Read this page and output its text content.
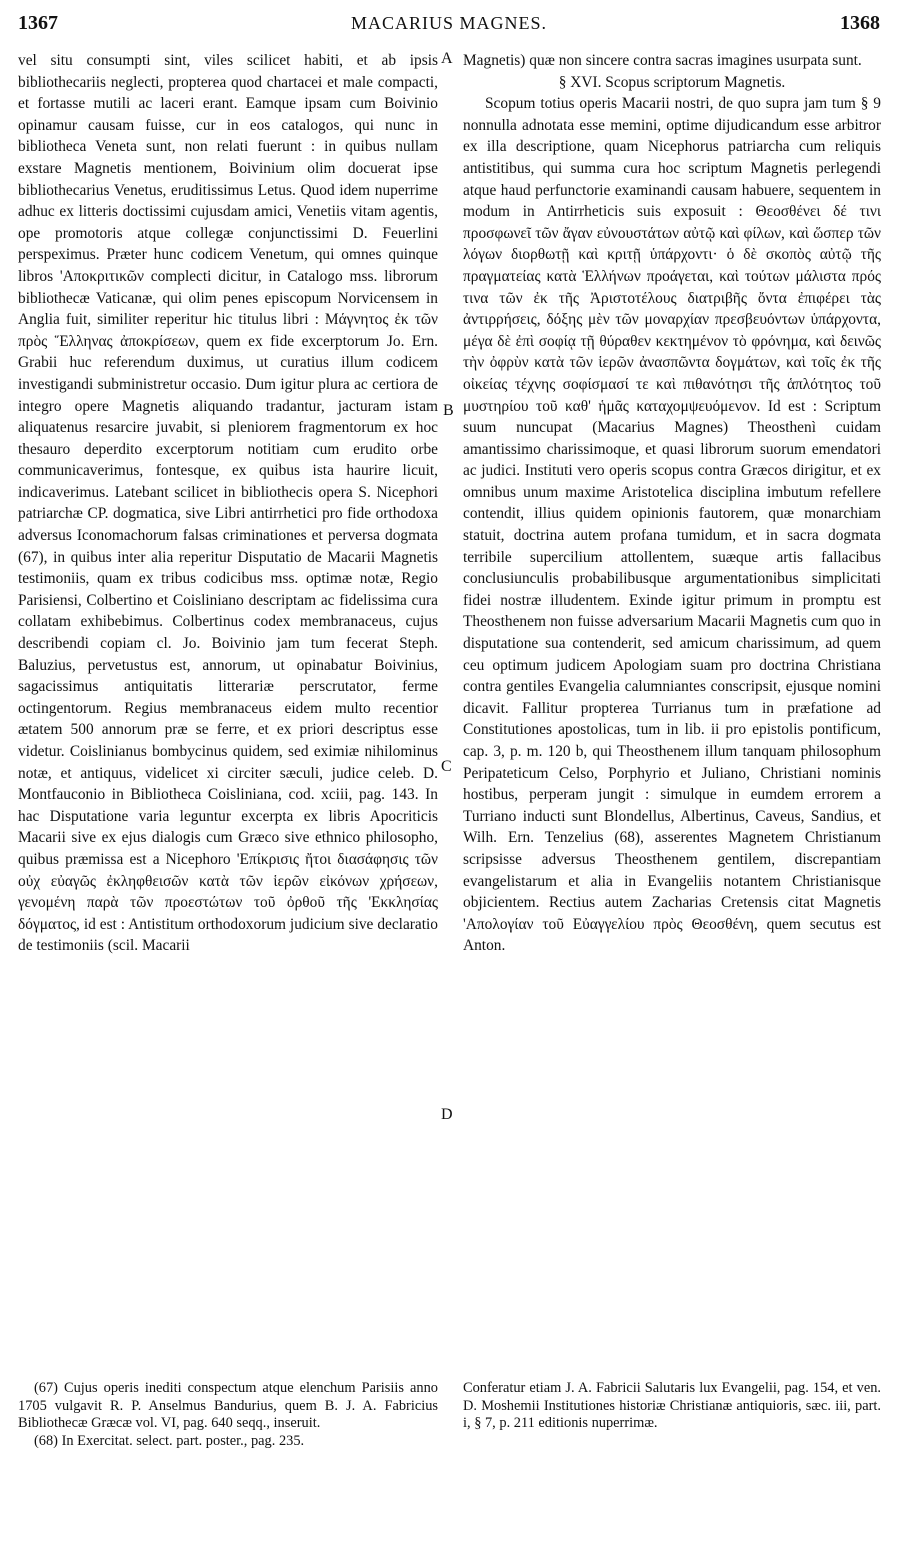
1367	MACARIUS MAGNES.	1368
A
B
C
D

vel situ consumpti sint, viles scilicet habiti, et ab ipsis bibliothecariis neglecti, propterea quod chartacei et male compacti, et fortasse mutili ac laceri erant. Eamque ipsam cum Boivinio opinamur causam fuisse, cur in eos catalogos, qui nunc in bibliotheca Veneta sunt, non relati fuerunt : in quibus nullam exstare Magnetis mentionem, Boivinium olim docuerat ipse bibliothecarius Venetus, eruditissimus Letus. Quod idem nuperrime adhuc ex litteris doctissimi cujusdam amici, Venetiis vitam agentis, ope promotoris atque collegæ conjunctissimi D. Feuerlini perspeximus. Præter hunc codicem Venetum, qui omnes quinque libros 'Αποκριτικῶν complecti dicitur, in Catalogo mss. librorum bibliothecæ Vaticanæ, qui olim penes episcopum Norvicensem in Anglia fuit, similiter reperitur hic titulus libri : Μάγνητος ἐκ τῶν πρὸς Ἕλληνας ἀποκρίσεων, quem ex fide excerptorum Jo. Ern. Grabii huc referendum duximus, ut curatius illum codicem investigandi subministretur occasio. Dum igitur plura ac certiora de integro opere Magnetis aliquando tradantur, jacturam istam aliquatenus resarcire juvabit, si pleniorem fragmentorum ex hoc thesauro deperdito excerptorum notitiam cum erudito orbe communicaverimus, fontesque, ex quibus ista haurire licuit, indicaverimus. Latebant scilicet in bibliothecis opera S. Nicephori patriarchæ CP. dogmatica, sive Libri antirrhetici pro fide orthodoxa adversus Iconomachorum falsas criminationes et perversa dogmata (67), in quibus inter alia reperitur Disputatio de Macarii Magnetis testimoniis, quam ex tribus codicibus mss. optimæ notæ, Regio Parisiensi, Colbertino et Coisliniano descriptam ac fidelissima cura collatam exhibebimus. Colbertinus codex membranaceus, cujus describendi copiam cl. Jo. Boivinio jam tum fecerat Steph. Baluzius, pervetustus est, annorum, ut opinabatur Boivinius, sagacissimus antiquitatis litterariæ perscrutator, ferme octingentorum. Regius membranaceus eidem multo recentior ætatem 500 annorum præ se ferre, et ex priori descriptus esse videtur. Coislinianus bombycinus quidem, sed eximiæ nihilominus notæ, et antiquus, videlicet xi circiter sæculi, judice celeb. D. Montfauconio in Bibliotheca Coisliniana, cod. xciii, pag. 143. In hac Disputatione varia leguntur excerpta ex libris Apocriticis Macarii sive ex ejus dialogis cum Græco sive ethnico philosopho, quibus præmissa est a Nicephoro 'Επίκρισις ἤτοι διασάφησις τῶν οὐχ εὐαγῶς ἐκληφθεισῶν κατὰ τῶν ἱερῶν εἰκόνων χρήσεων, γενομένη παρὰ τῶν προεστώτων τοῦ ὀρθοῦ τῆς 'Εκκλησίας δόγματος, id est : Antistitum orthodoxorum judicium sive declaratio de testimoniis (scil. Macarii

Magnetis) quæ non sincere contra sacras imagines usurpata sunt.

§ XVI. Scopus scriptorum Magnetis.

Scopum totius operis Macarii nostri, de quo supra jam tum § 9 nonnulla adnotata esse memini, optime dijudicandum esse arbitror ex illa descriptione, quam Nicephorus patriarcha cum reliquis antistitibus, qui summa cura hoc scriptum Magnetis perlegendi atque haud perfunctorie examinandi causam habuere, sequentem in modum in Antirrheticis suis exposuit : Θεοσθένει δέ τινι προσφωνεῖ τῶν ἄγαν εὐνουστάτων αὐτῷ καὶ φίλων, καὶ ὥσπερ τῶν λόγων διορθωτῇ καὶ κριτῇ ὑπάρχοντι· ὁ δὲ σκοπὸς αὐτῷ τῆς πραγματείας κατὰ Ἑλλήνων προάγεται, καὶ τούτων μάλιστα πρός τινα τῶν ἐκ τῆς Ἀριστοτέλους διατριβῆς ὄντα ἐπιφέρει τὰς ἀντιρρήσεις, δόξης μὲν τῶν μοναρχίαν πρεσβευόντων ὑπάρχοντα, μέγα δὲ ἐπὶ σοφίᾳ τῇ θύραθεν κεκτημένον τὸ φρόνημα, καὶ δεινῶς τὴν ὀφρὺν κατὰ τῶν ἱερῶν ἀνασπῶντα δογμάτων, καὶ τοῖς ἐκ τῆς οἰκείας τέχνης σοφίσμασί τε καὶ πιθανότησι τῆς ἁπλότητος τοῦ μυστηρίου τοῦ καθ' ἡμᾶς καταχομψευόμενον. Id est : Scriptum suum nuncupat (Macarius Magnes) Theosthenì cuidam amantissimo charissimoque, et quasi librorum suorum emendatori ac judici. Instituti vero operis scopus contra Græcos dirigitur, et ex omnibus unum maxime Aristotelica disciplina imbutum refellere contendit, illius quidem opinionis fautorem, quæ monarchiam statuit, doctrina autem profana tumidum, et in sacra dogmata terribile supercilium attollentem, suæque artis fallacibus conclusiunculis probabilibusque argumentationibus simplicitati fidei nostræ illudentem. Exinde igitur primum in promptu est Theosthenem non fuisse adversarium Macarii Magnetis cum quo in disputatione sua contenderit, sed amicum charissimum, ad quem ceu optimum judicem Apologiam suam pro doctrina Christiana contra gentiles Evangelia calumniantes conscripsit, ejusque nomini dicavit. Fallitur propterea Turrianus tum in præfatione ad Constitutiones apostolicas, tum in lib. ii pro epistolis pontificum, cap. 3, p. m. 120 b, qui Theosthenem illum tanquam philosophum Peripateticum Celso, Porphyrio et Juliano, Christiani nominis hostibus, perperam jungit : simulque in eumdem errorem a Turriano inducti sunt Blondellus, Albertinus, Caveus, Sandius, et Wilh. Ern. Tenzelius (68), asserentes Magnetem Christianum scripsisse adversus Theosthenem gentilem, discrepantiam evangelistarum et alia in Evangeliis notantem Christianisque objicientem. Rectius autem Zacharias Cretensis citat Magnetis 'Απολογίαν τοῦ Εὐαγγελίου πρὸς Θεοσθένη, quem secutus est Anton.

(67) Cujus operis inediti conspectum atque elenchum Parisiis anno 1705 vulgavit R. P. Anselmus Bandurius, quem B. J. A. Fabricius Bibliothecæ Græcæ vol. VI, pag. 640 seqq., inseruit.

(68) In Exercitat. select. part. poster., pag. 235.

Conferatur etiam J. A. Fabricii Salutaris lux Evangelii, pag. 154, et ven. D. Moshemii Institutiones historiæ Christianæ antiquioris, sæc. iii, part. i, § 7, p. 211 editionis nuperrimæ.
